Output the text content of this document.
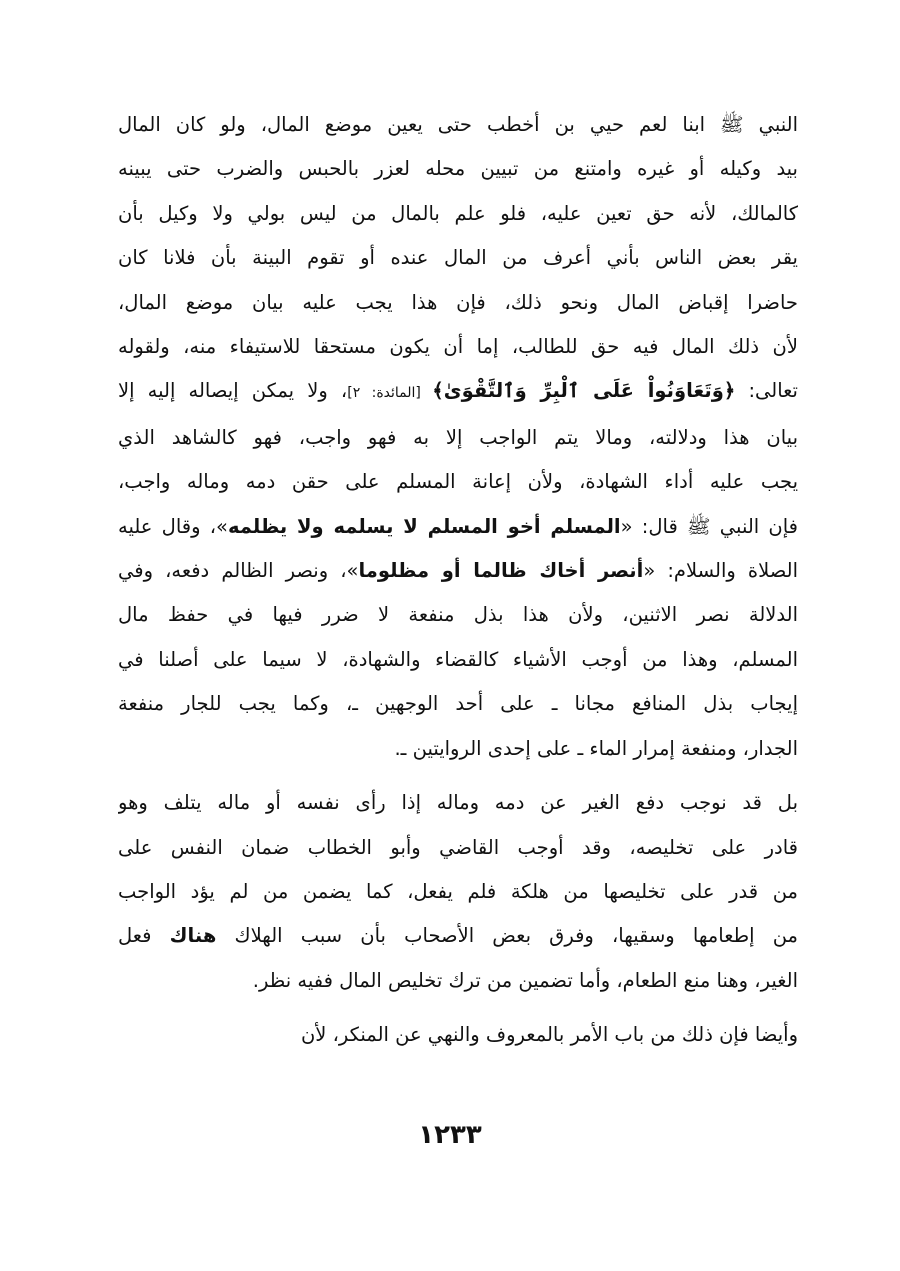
النبي ﷺ ابنا لعم حيي بن أخطب حتى يعين موضع المال، ولو كان المال
بيد وكيله أو غيره وامتنع من تبيين محله لعزر بالحبس والضرب حتى يبينه
كالمالك، لأنه حق تعين عليه، فلو علم بالمال من ليس بولي ولا وكيل بأن
يقر بعض الناس بأني أعرف من المال عنده أو تقوم البينة بأن فلانا كان
حاضرا إقباض المال ونحو ذلك، فإن هذا يجب عليه بيان موضع المال،
لأن ذلك المال فيه حق للطالب، إما أن يكون مستحقا للاستيفاء منه، ولقوله
تعالى: ﴿وَتَعَاوَنُواْ عَلَى ٱلْبِرِّ وَٱلتَّقْوَىٰ﴾ [المائدة: ٢]، ولا يمكن إيصاله إليه إلا
بيان هذا ودلالته، ومالا يتم الواجب إلا به فهو واجب، فهو كالشاهد الذي
يجب عليه أداء الشهادة، ولأن إعانة المسلم على حقن دمه وماله واجب،
فإن النبي ﷺ قال: «المسلم أخو المسلم لا يسلمه ولا يظلمه»، وقال عليه
الصلاة والسلام: «أنصر أخاك ظالما أو مظلوما»، ونصر الظالم دفعه، وفي
الدلالة نصر الاثنين، ولأن هذا بذل منفعة لا ضرر فيها في حفظ مال
المسلم، وهذا من أوجب الأشياء كالقضاء والشهادة، لا سيما على أصلنا في
إيجاب بذل المنافع مجانا ـ على أحد الوجهين ـ، وكما يجب للجار منفعة
الجدار، ومنفعة إمرار الماء ـ على إحدى الروايتين ـ.

بل قد نوجب دفع الغير عن دمه وماله إذا رأى نفسه أو ماله يتلف وهو
قادر على تخليصه، وقد أوجب القاضي وأبو الخطاب ضمان النفس على
من قدر على تخليصها من هلكة فلم يفعل، كما يضمن من لم يؤد الواجب
من إطعامها وسقيها، وفرق بعض الأصحاب بأن سبب الهلاك هناك فعل
الغير، وهنا منع الطعام، وأما تضمين من ترك تخليص المال ففيه نظر.

وأيضا فإن ذلك من باب الأمر بالمعروف والنهي عن المنكر، لأن

١٢٣٣
